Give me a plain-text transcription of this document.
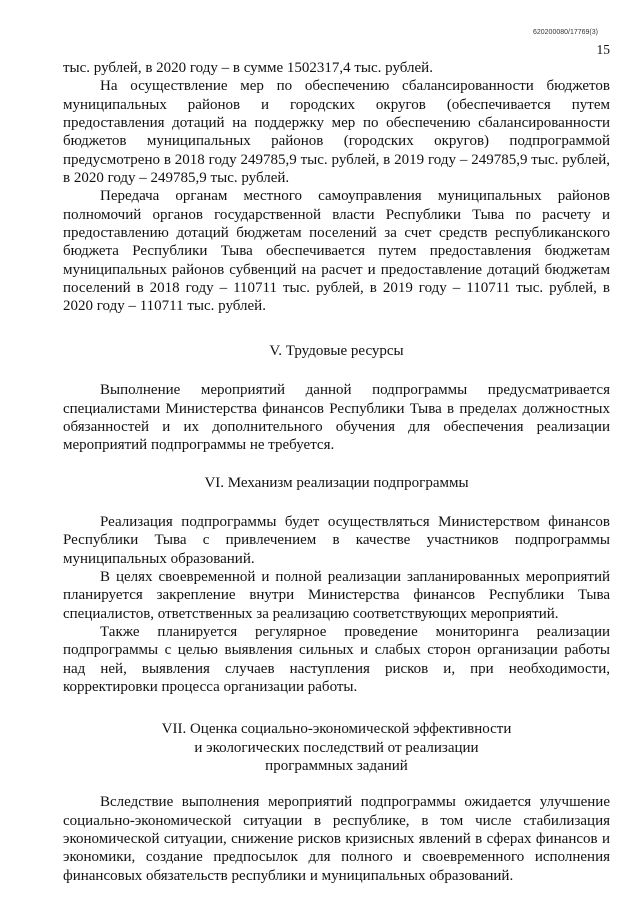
620200080/17769(3)
15

тыс. рублей, в 2020 году – в сумме 1502317,4 тыс. рублей.

На осуществление мер по обеспечению сбалансированности бюджетов муниципальных районов и городских округов (обеспечивается путем предоставления дотаций на поддержку мер по обеспечению сбалансированности бюджетов муниципальных районов (городских округов) подпрограммой предусмотрено в 2018 году 249785,9 тыс. рублей, в 2019 году – 249785,9 тыс. рублей, в 2020 году – 249785,9 тыс. рублей.

Передача органам местного самоуправления муниципальных районов полномочий органов государственной власти Республики Тыва по расчету и предоставлению дотаций бюджетам поселений за счет средств республиканского бюджета Республики Тыва обеспечивается путем предоставления бюджетам муниципальных районов субвенций на расчет и предоставление дотаций бюджетам поселений в 2018 году – 110711 тыс. рублей, в 2019 году – 110711 тыс. рублей, в 2020 году – 110711 тыс. рублей.

V. Трудовые ресурсы

Выполнение мероприятий данной подпрограммы предусматривается специалистами Министерства финансов Республики Тыва в пределах должностных обязанностей и их дополнительного обучения для обеспечения реализации мероприятий подпрограммы не требуется.

VI. Механизм реализации подпрограммы

Реализация подпрограммы будет осуществляться Министерством финансов Республики Тыва с привлечением в качестве участников подпрограммы муниципальных образований.

В целях своевременной и полной реализации запланированных мероприятий планируется закрепление внутри Министерства финансов Республики Тыва специалистов, ответственных за реализацию соответствующих мероприятий.

Также планируется регулярное проведение мониторинга реализации подпрограммы с целью выявления сильных и слабых сторон организации работы над ней, выявления случаев наступления рисков и, при необходимости, корректировки процесса организации работы.

VII. Оценка социально-экономической эффективности
и экологических последствий от реализации
программных заданий

Вследствие выполнения мероприятий подпрограммы ожидается улучшение социально-экономической ситуации в республике, в том числе стабилизация экономической ситуации, снижение рисков кризисных явлений в сферах финансов и экономики, создание предпосылок для полного и своевременного исполнения финансовых обязательств республики и муниципальных образований.
